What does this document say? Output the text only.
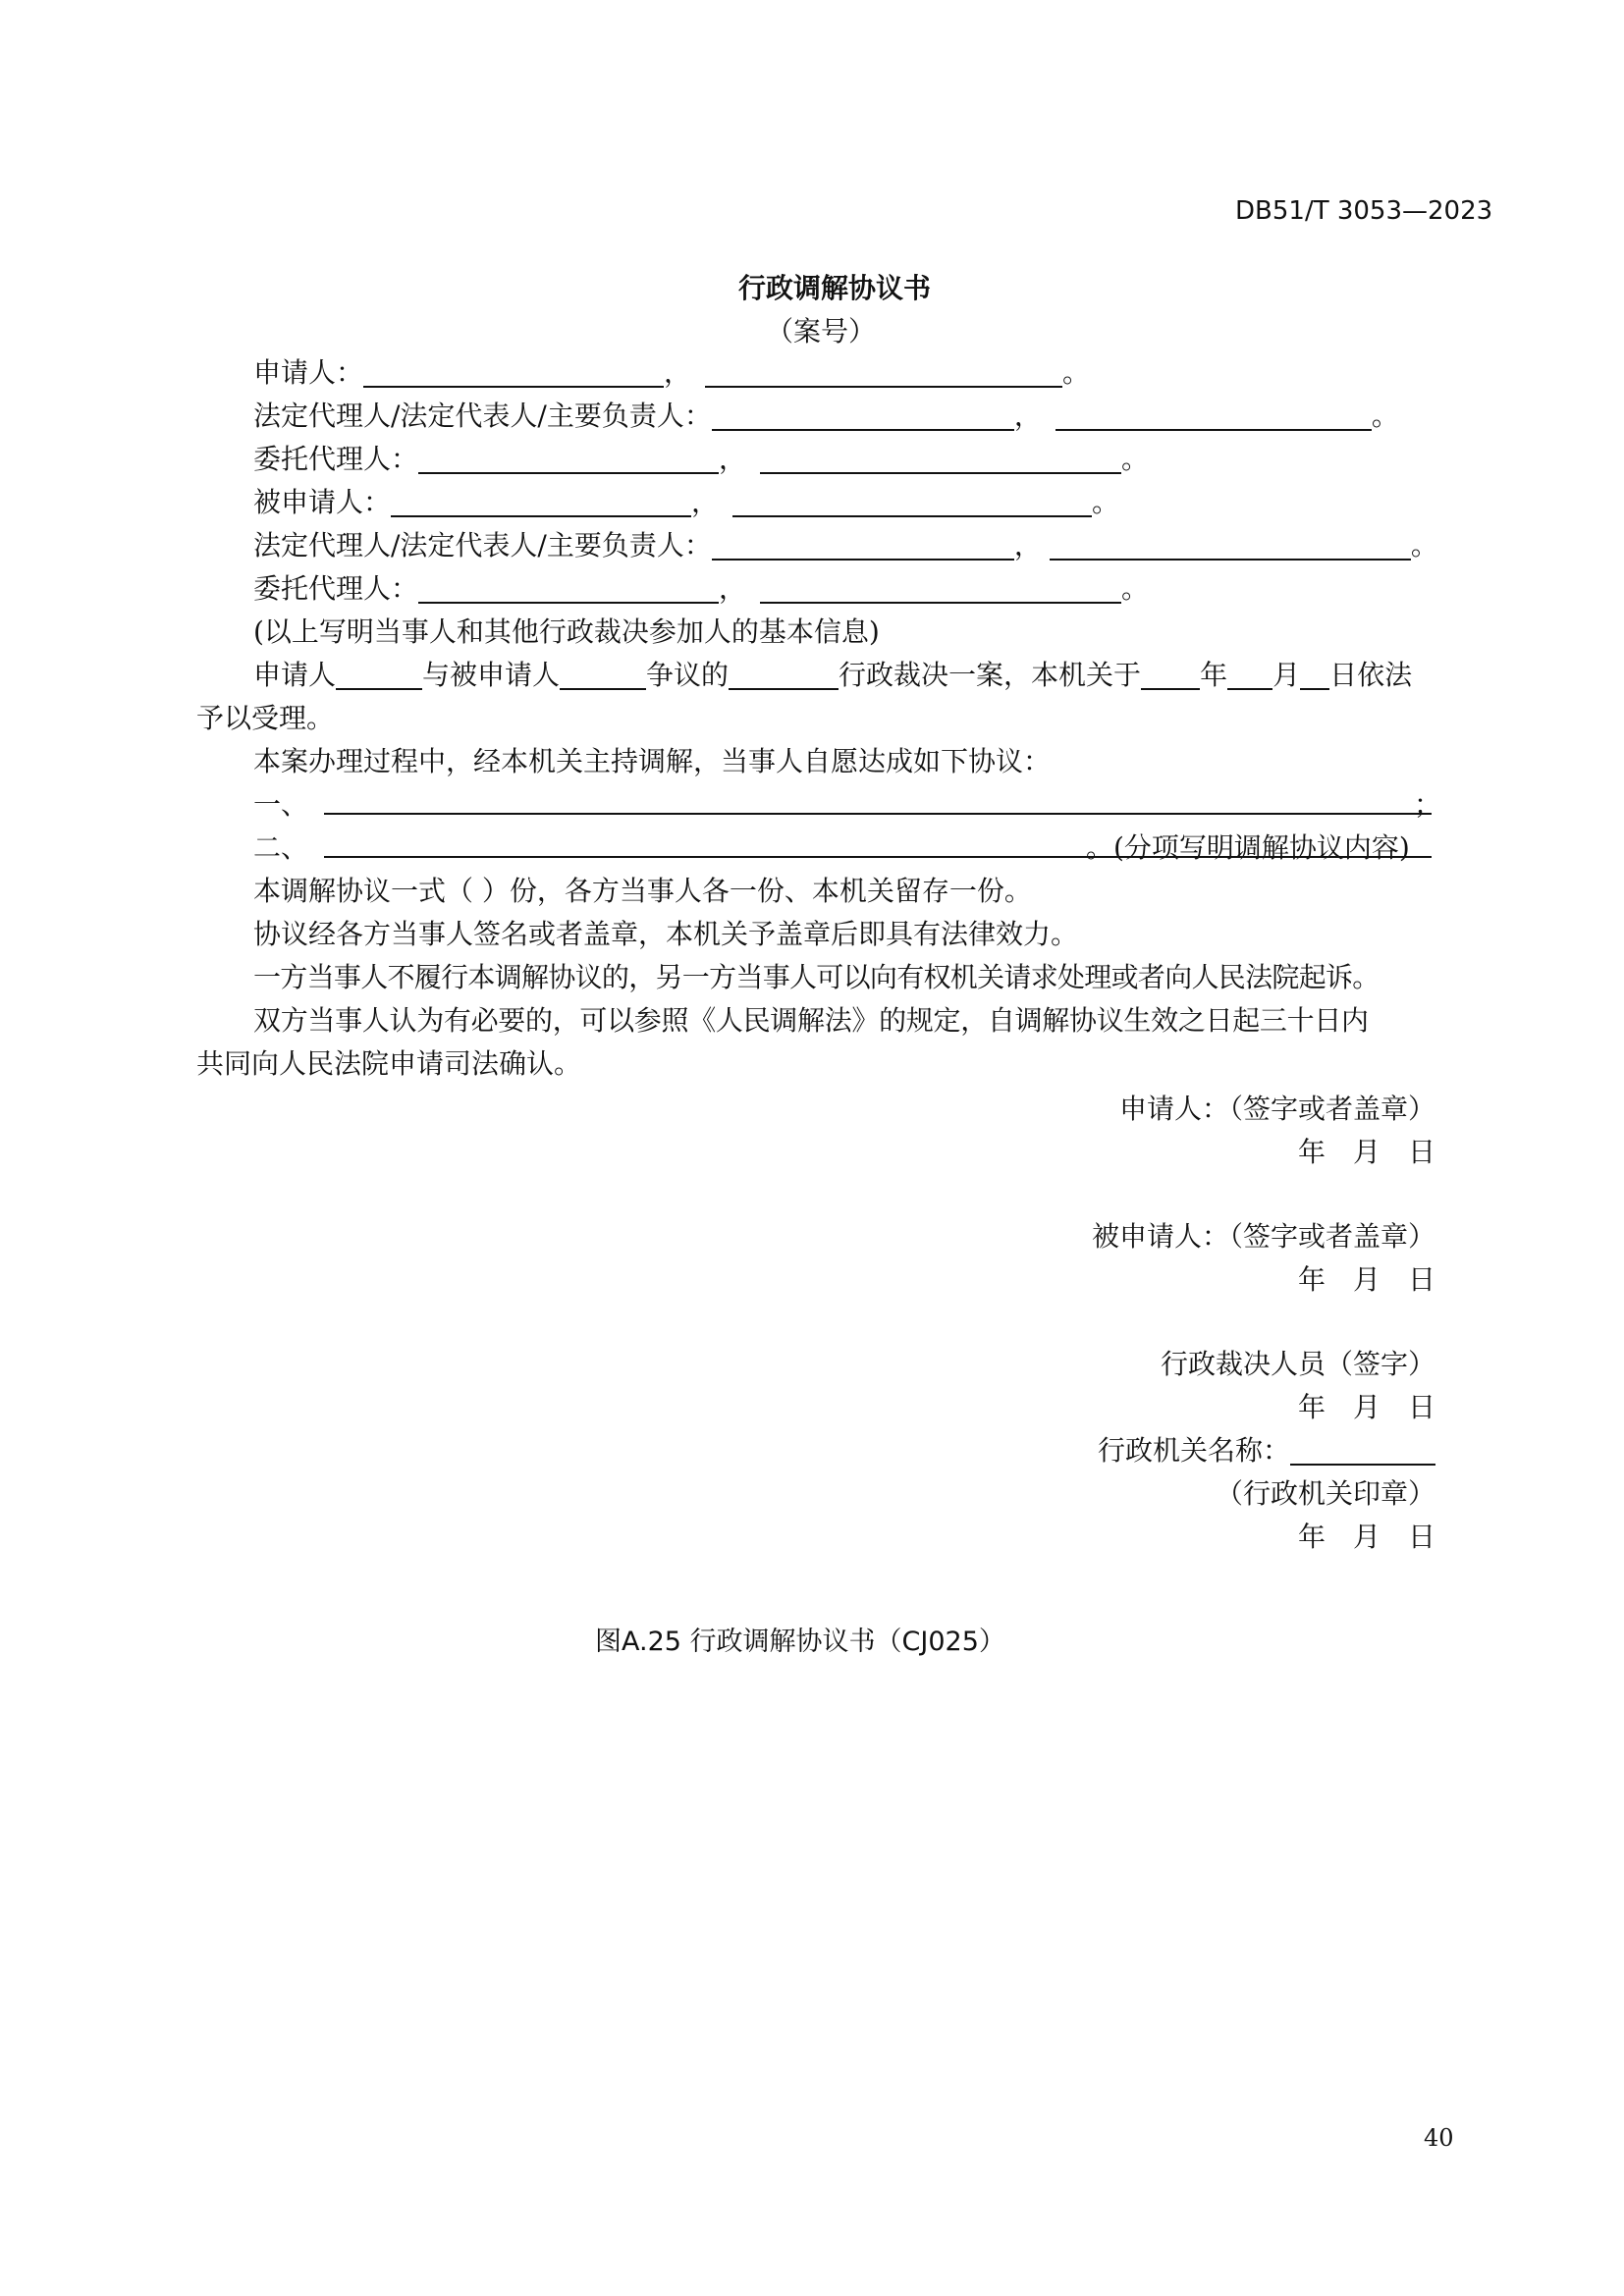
DB51/T 3053—2023
行政调解协议书
（案号）
申请人：	，	。
法定代理人/法定代表人/主要负责人：	，	。
委托代理人：	，	。
被申请人：	，	。
法定代理人/法定代表人/主要负责人：	，	。
委托代理人：	，	。
(以上写明当事人和其他行政裁决参加人的基本信息)
申请人	与被申请人	争议的	行政裁决一案，本机关于 年 月 日依法
予以受理。
本案办理过程中，经本机关主持调解，当事人自愿达成如下协议：
一、	；
二、	。(分项写明调解协议内容)
本调解协议一式（ ）份，各方当事人各一份、本机关留存一份。
协议经各方当事人签名或者盖章，本机关予盖章后即具有法律效力。
一方当事人不履行本调解协议的，另一方当事人可以向有权机关请求处理或者向人民法院起诉。
双方当事人认为有必要的，可以参照《人民调解法》的规定，自调解协议生效之日起三十日内
共同向人民法院申请司法确认。
申请人：（签字或者盖章）
年　月　日
被申请人：（签字或者盖章）
年　月　日
行政裁决人员（签字）
年　月　日
行政机关名称：
（行政机关印章）
年　月　日
图A.25 行政调解协议书（CJ025）
40
